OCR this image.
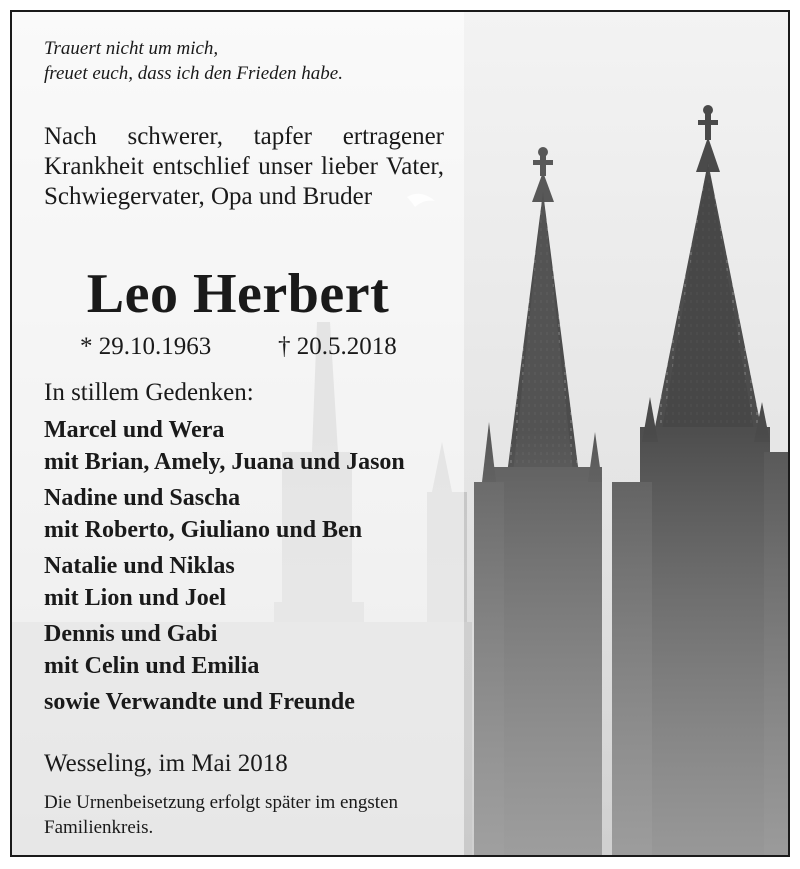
Trauert nicht um mich,
freuet euch, dass ich den Frieden habe.

Nach schwerer, tapfer ertragener Krankheit entschlief unser lieber Vater, Schwiegervater, Opa und Bruder

Leo Herbert
* 29.10.1963	† 20.5.2018

In stillem Gedenken:

Marcel und Wera
mit Brian, Amely, Juana und Jason
Nadine und Sascha
mit Roberto, Giuliano und Ben
Natalie und Niklas
mit Lion und Joel
Dennis und Gabi
mit Celin und Emilia
sowie Verwandte und Freunde

Wesseling, im Mai 2018

Die Urnenbeisetzung erfolgt später im engsten Familienkreis.
